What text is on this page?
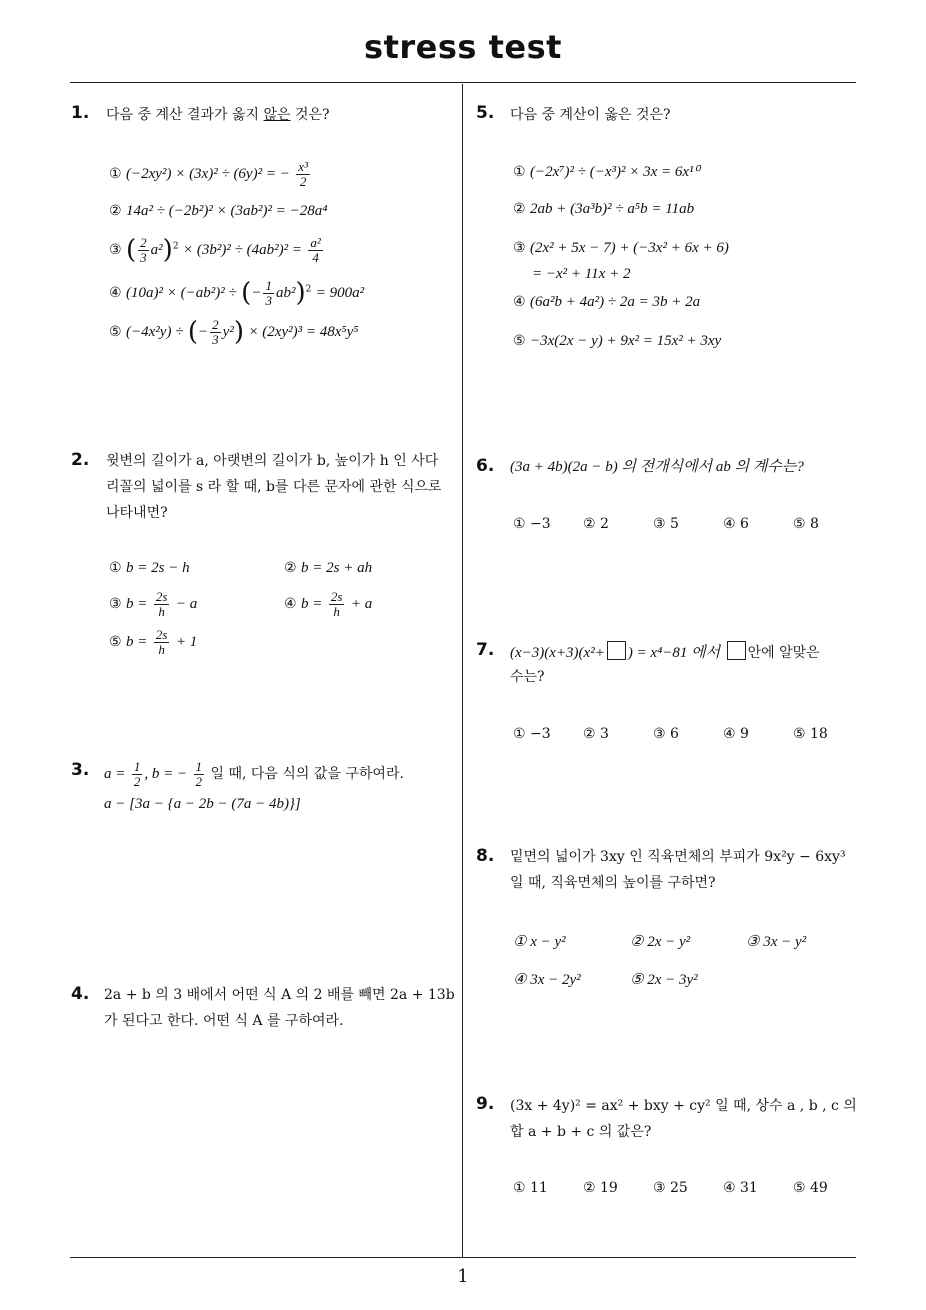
stress test
1
1. 다음 중 계산 결과가 옳지 않은 것은?
① (−2xy²) × (3x)² ÷ (6y)² = − $\frac{\text{x³}}{2}$
② 14a² ÷ (−2b²)² × (3ab²)² = −28a⁴
③ ( $\frac{2}{3} a^2)^2 \times (3b^2)^2 \div (4ab^2)^2 = \frac{\text{a²}}{4}$
④ (10a)² × (−ab²)² ÷ (− $\frac{1}{3} ab^2)^2 = 900a^2$
⑤ (−4x²y) ÷ (− $\frac{2}{3} y^2) \times (2xy^2)^3 = 48x^5y^5$
2. 윗변의 길이가 a, 아랫변의 길이가 b, 높이가 h 인 사다
리꼴의 넓이를 s 라 할 때, b를 다른 문자에 관한 식으로
나타내면?
① b = 2s − h	② b = 2s + ah
③ $b = \frac{2s}{h} - a$	④ $b = \frac{2s}{h} + a$
⑤ $b = \frac{2s}{h} + 1$
3. $a = \frac{1}{2}$ , b = − $\frac{1}{2}$ 일 때, 다음 식의 값을 구하여라.
a − [3a − {a − 2b − (7a − 4b)}]
4. 2a + b 의 3 배에서 어떤 식 A 의 2 배를 빼면 2a + 13b
가 된다고 한다. 어떤 식 A 를 구하여라.
5. 다음 중 계산이 옳은 것은?
① (−2x⁷)² ÷ (−x³)² × 3x = 6x¹⁰
② 2ab + (3a³b)² ÷ a⁵b = 11ab
③ (2x² + 5x − 7) + (−3x² + 6x + 6)
= −x² + 11x + 2
④ (6a²b + 4a²) ÷ 2a = 3b + 2a
⑤ −3x(2x − y) + 9x² = 15x² + 3xy
6. (3a + 4b)(2a − b) 의 전개식에서 ab 의 계수는?
① −3 ② 2	③ 5	④ 6	⑤ 8
7. (x−3)(x+3)(x²+ ) = x⁴−81 에서 안에 알맞은
수는?
① −3 ② 3	③ 6	④ 9	⑤ 18
8. 밑면의 넓이가 3xy 인 직육면체의 부피가 9x²y − 6xy³
일 때, 직육면체의 높이를 구하면?
① x − y²	② 2x − y²	③ 3x − y²
④ 3x − 2y²	⑤ 2x − 3y²
9. (3x + 4y)² = ax² + bxy + cy² 일 때, 상수 a , b , c 의
합 a + b + c 의 값은?
① 11	② 19	③ 25	④ 31	⑤ 49
